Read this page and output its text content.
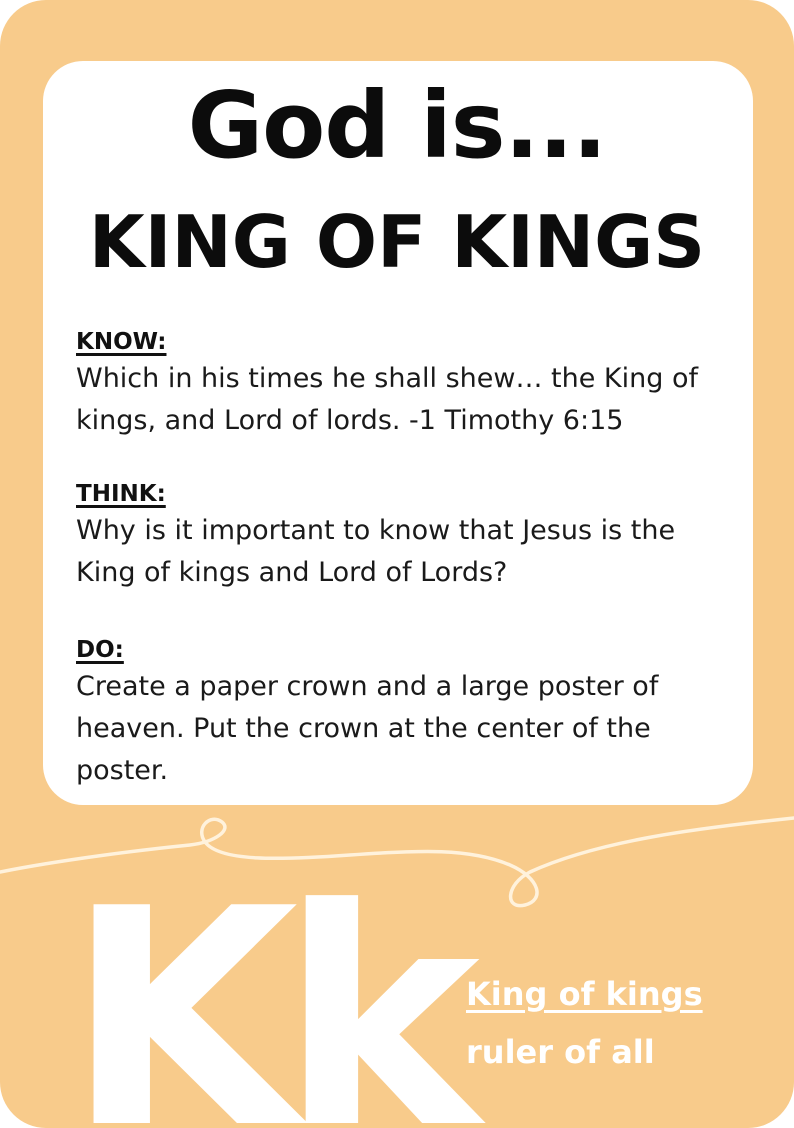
God is...
KING OF KINGS
KNOW:
Which in his times he shall shew… the King of kings, and Lord of lords. -1 Timothy 6:15
THINK:
Why is it important to know that Jesus is the King of kings and Lord of Lords?
DO:
Create a paper crown and a large poster of heaven. Put the crown at the center of the poster.
Kk King of kings
ruler of all
